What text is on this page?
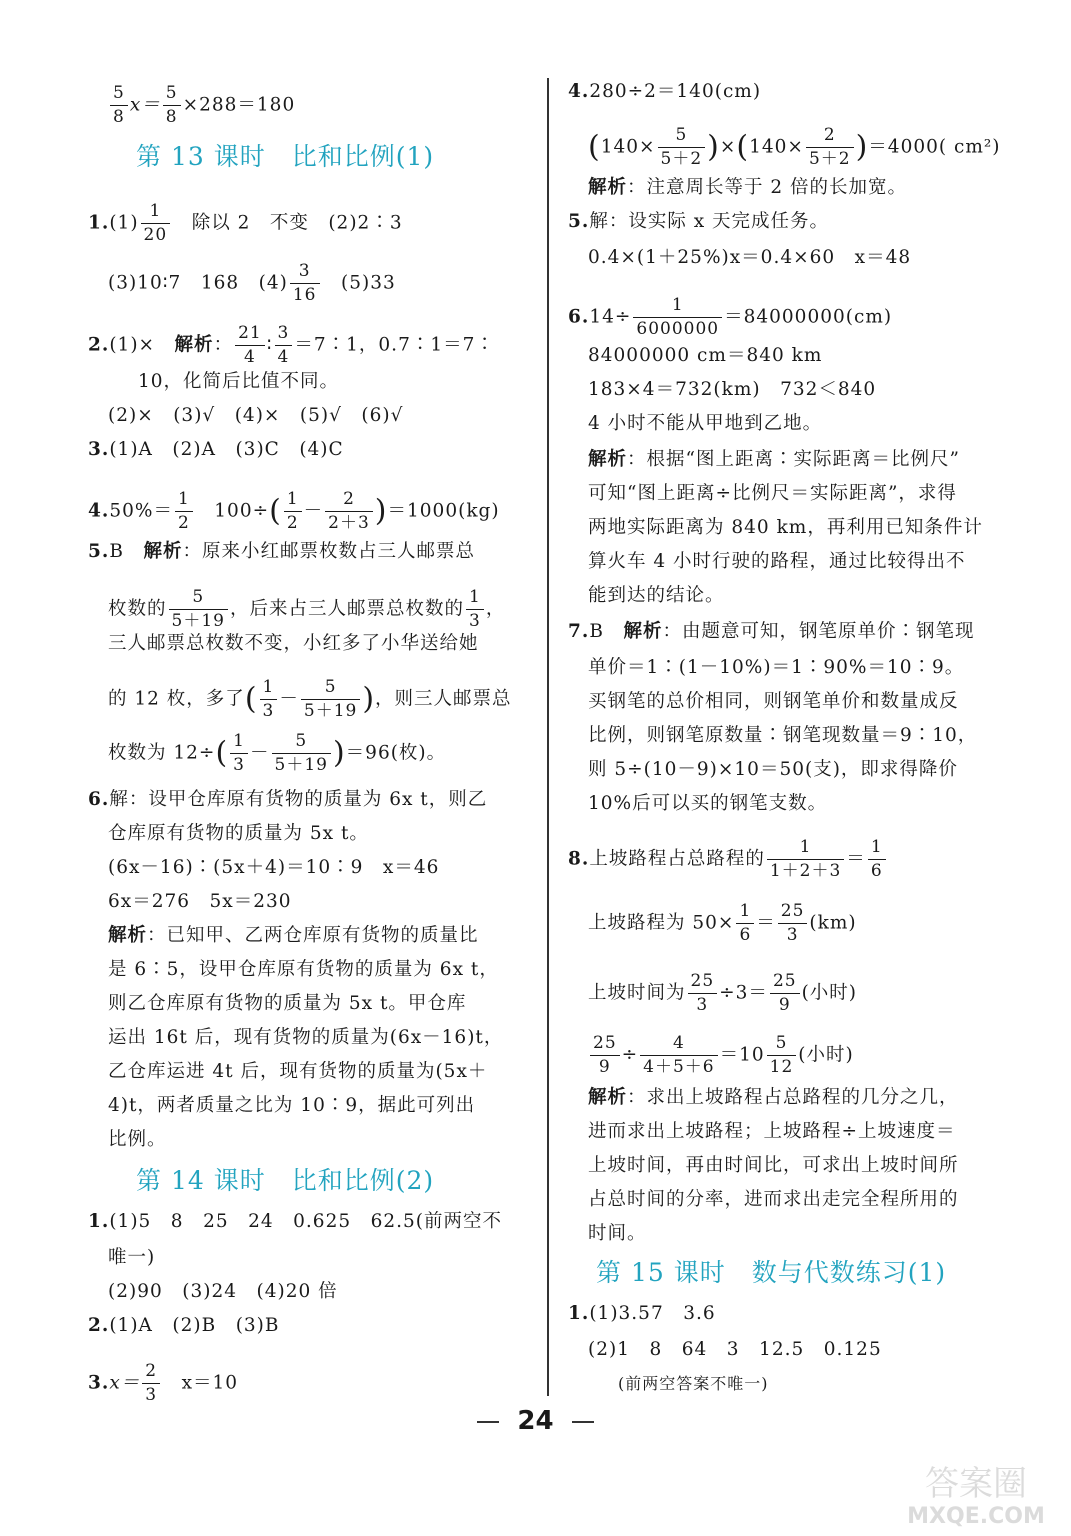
$\frac{5}{8} x= \frac{5}{8} \times 288=180$
第 13 课时　比和比例(1)
$1.(1) \frac{1}{20}$ 　除以 2　不变　(2)2∶3
(3)10∶7　168　$(4) \frac{3}{16}$ 　(5)33
2.(1)×　解析： $\frac{21}{4}$ ∶ $\frac{3}{4}$ ＝7∶1，0.7∶1＝7∶
10，化简后比值不同。
(2)×　(3)√　(4)×　(5)√　(6)√
3.(1)A　(2)A　(3)C　(4)C
$4.50\%= \frac{1}{2}$ 　$100\div( \frac{1}{2} - \frac{2}{2+3} )=1000(kg)$
5.B　解析：原来小红邮票枚数占三人邮票总
枚数的 $\frac{5}{5+19}$ ，后来占三人邮票总枚数的 $\frac{1}{3}$ ，
三人邮票总枚数不变，小红多了小华送给她
的 12 枚，多了( $\frac{1}{3} - \frac{5}{5+19}$ )，则三人邮票总
枚数为 $12\div( \frac{1}{3} - \frac{5}{5+19} )=96$(枚)。
6.解：设甲仓库原有货物的质量为 6x t，则乙
仓库原有货物的质量为 5x t。
(6x－16)∶(5x＋4)＝10∶9　x＝46
6x＝276　5x＝230
解析：已知甲、乙两仓库原有货物的质量比
是 6∶5，设甲仓库原有货物的质量为 6x t，
则乙仓库原有货物的质量为 5x t。甲仓库
运出 16t 后，现有货物的质量为(6x－16)t，
乙仓库运进 4t 后，现有货物的质量为(5x＋
4)t，两者质量之比为 10∶9，据此可列出
比例。
第 14 课时　比和比例(2)
1.(1)5　8　25　24　0.625　62.5(前两空不
唯一)
(2)90　(3)24　(4)20 倍
2.(1)A　(2)B　(3)B
$3.x= \frac{2}{3}$ 　x＝10
4.280÷2＝140(cm)
$(140\times \frac{5}{5+2} )\times(140\times \frac{2}{5+2} )=4000$( cm²)
解析：注意周长等于 2 倍的长加宽。
5.解：设实际 x 天完成任务。
0.4×(1＋25%)x＝0.4×60　x＝48
$6.14\div \frac{1}{6000000} =84000000(cm)$
84000000 cm＝840 km
183×4＝732(km)　732＜840
4 小时不能从甲地到乙地。
解析：根据“图上距离∶实际距离＝比例尺”
可知“图上距离÷比例尺＝实际距离”，求得
两地实际距离为 840 km，再利用已知条件计
算火车 4 小时行驶的路程，通过比较得出不
能到达的结论。
7.B　解析：由题意可知，钢笔原单价∶钢笔现
单价＝1∶(1－10%)＝1∶90%＝10∶9。
买钢笔的总价相同，则钢笔单价和数量成反
比例，则钢笔原数量∶钢笔现数量＝9∶10，
则 5÷(10－9)×10＝50(支)，即求得降价
10%后可以买的钢笔支数。
8.上坡路程占总路程的 $\frac{1}{1+2+3} = \frac{1}{6}$
上坡路程为 $50\times \frac{1}{6} = \frac{25}{3} (km)$
上坡时间为 $\frac{25}{3} \div 3= \frac{25}{9}$ (小时)
$\frac{25}{9} \div \frac{4}{4+5+6} =10 \frac{5}{12}$ (小时)
解析：求出上坡路程占总路程的几分之几，
进而求出上坡路程；上坡路程÷上坡速度＝
上坡时间，再由时间比，可求出上坡时间所
占总时间的分率，进而求出走完全程所用的
时间。
第 15 课时　数与代数练习(1)
1.(1)3.57　3.6
(2)1　8　64　3　12.5　0.125
(前两空答案不唯一)
24
答案圈
MXQE.COM
